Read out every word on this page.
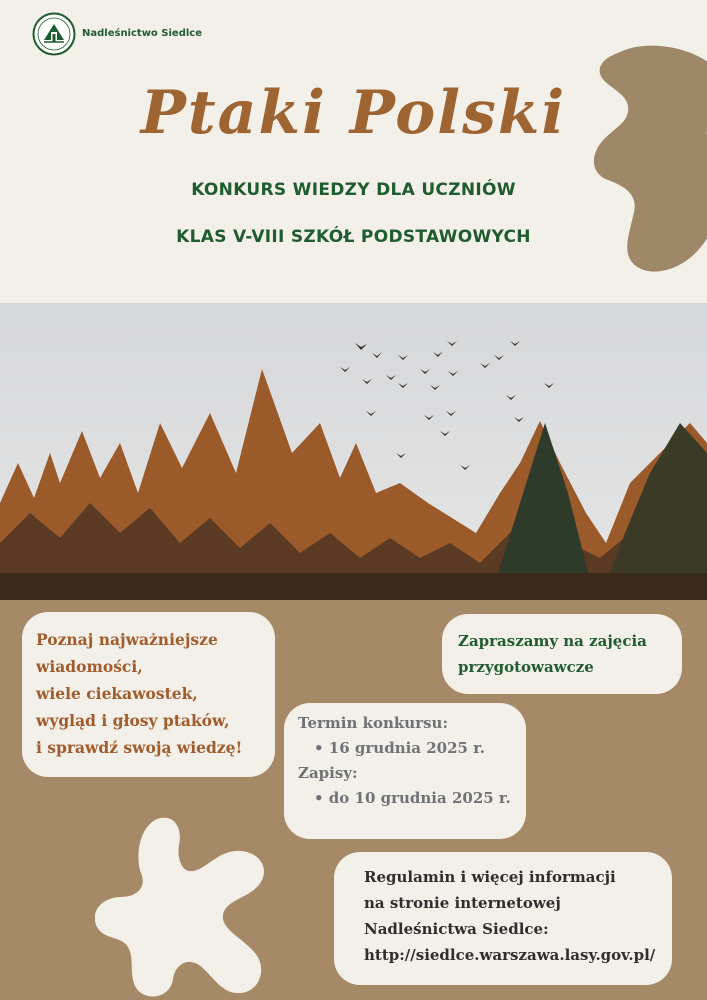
Nadleśnictwo Siedlce
Ptaki Polski
KONKURS WIEDZY DLA UCZNIÓW
KLAS V-VIII SZKÓŁ PODSTAWOWYCH
Poznaj najważniejsze
wiadomości,
wiele ciekawostek,
wygląd i głosy ptaków,
i sprawdź swoją wiedzę!
Zapraszamy na zajęcia
przygotowawcze
Termin konkursu:
• 16 grudnia 2025 r.
Zapisy:
• do 10 grudnia 2025 r.
Regulamin i więcej informacji
na stronie internetowej
Nadleśnictwa Siedlce:
http://siedlce.warszawa.lasy.gov.pl/
